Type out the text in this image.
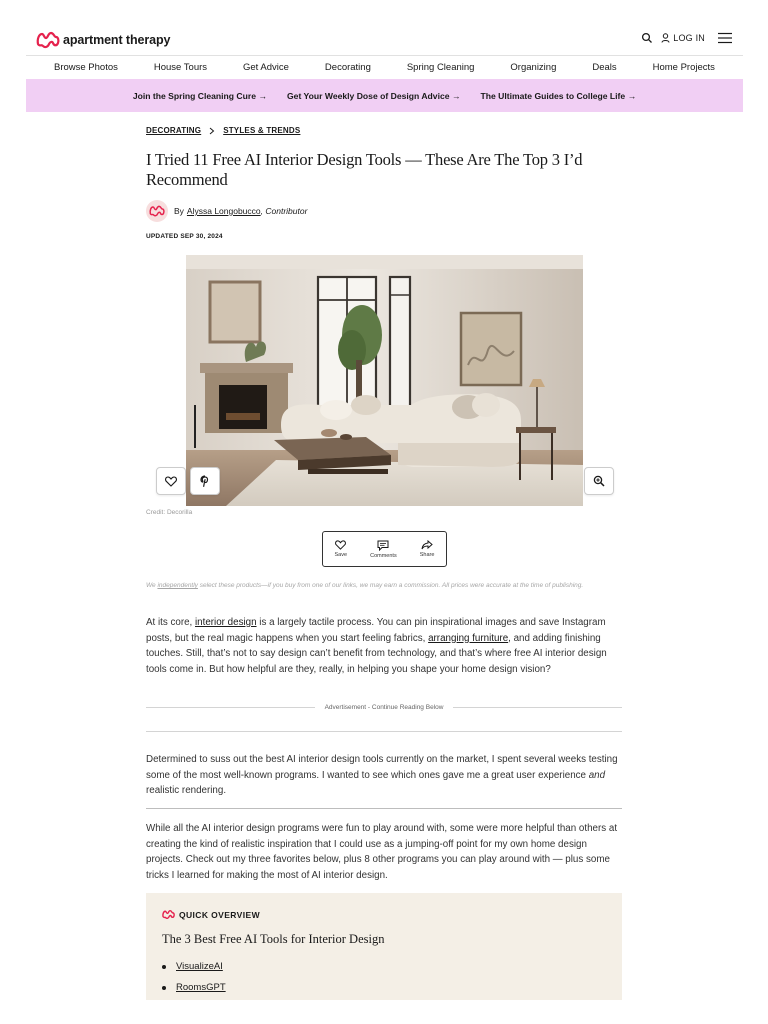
apartment therapy	LOG IN
Browse Photos	House Tours	Get Advice	Decorating	Spring Cleaning	Organizing	Deals	Home Projects
Join the Spring Cleaning Cure → Get Your Weekly Dose of Design Advice → The Ultimate Guides to College Life →
DECORATING	STYLES & TRENDS
I Tried 11 Free AI Interior Design Tools — These Are The Top 3 I’d Recommend
By Alyssa Longobucco, Contributor
UPDATED SEP 30, 2024
Credit: Decorilla
Save	Comments	Share
We independently select these products—if you buy from one of our links, we may earn a commission. All prices were accurate at the time of publishing.

At its core, interior design is a largely tactile process. You can pin inspirational images and save Instagram posts, but the real magic happens when you start feeling fabrics, arranging furniture, and adding finishing touches. Still, that’s not to say design can’t benefit from technology, and that’s where free AI interior design tools come in. But how helpful are they, really, in helping you shape your home design vision?

Advertisement - Continue Reading Below

Determined to suss out the best AI interior design tools currently on the market, I spent several weeks testing some of the most well-known programs. I wanted to see which ones gave me a great user experience and realistic rendering.

While all the AI interior design programs were fun to play around with, some were more helpful than others at creating the kind of realistic inspiration that I could use as a jumping-off point for my own home design projects. Check out my three favorites below, plus 8 other programs you can play around with — plus some tricks I learned for making the most of AI interior design.

QUICK OVERVIEW
The 3 Best Free AI Tools for Interior Design
VisualizeAI
RoomsGPT
